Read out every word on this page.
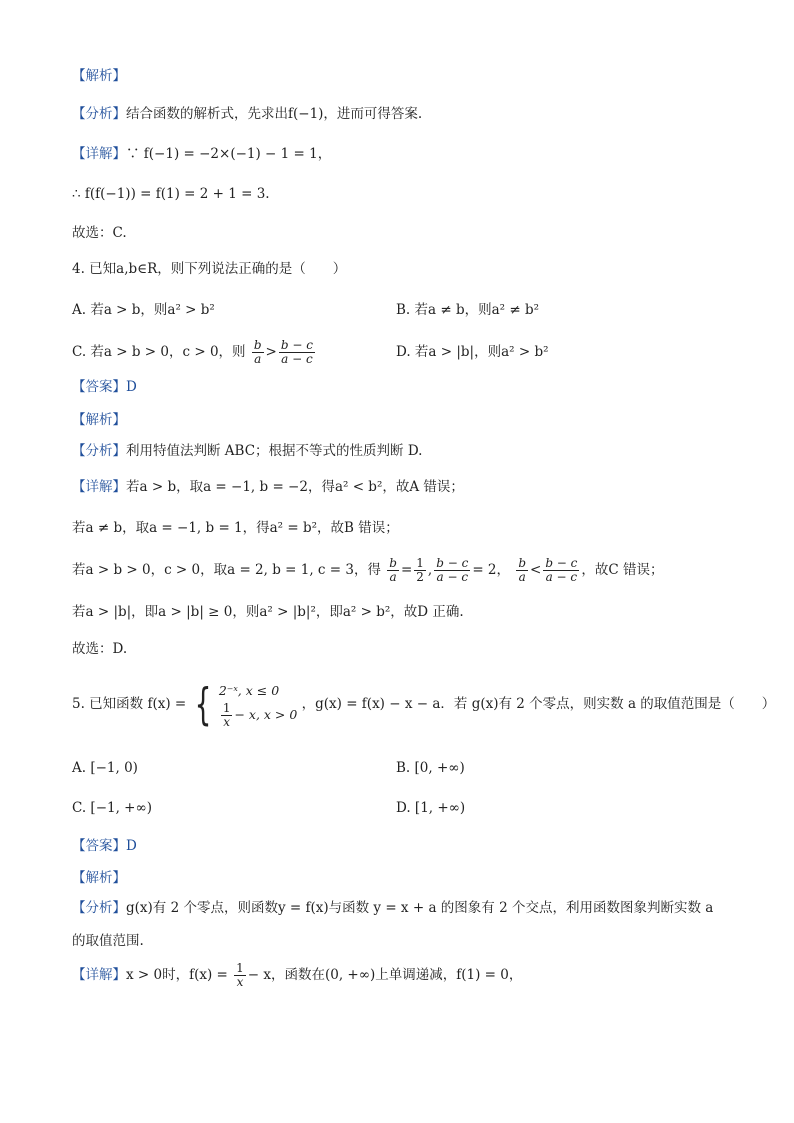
【解析】
【分析】结合函数的解析式，先求出f(−1)，进而可得答案.
【详解】∵ f(−1) = −2×(−1) − 1 = 1，
∴ f(f(−1)) = f(1) = 2 + 1 = 3.
故选：C.
4. 已知a,b∈R，则下列说法正确的是（　　）
A. 若a > b，则a² > b²	B. 若a ≠ b，则a² ≠ b²
C. 若a > b > 0，c > 0，则 $\frac{b}{a} > \frac{b - c}{a - c}$	D. 若a > |b|，则a² > b²
【答案】D
【解析】
【分析】利用特值法判断 ABC；根据不等式的性质判断 D.
【详解】若a > b，取a = −1, b = −2，得a² < b²，故A 错误；
若a ≠ b，取a = −1, b = 1，得a² = b²，故B 错误；
若a > b > 0，c > 0，取a = 2, b = 1, c = 3，得 $\frac{b}{a} = \frac{1}{2}$ , $\frac{b - c}{a - c} = 2$， $\frac{b}{a} < \frac{b - c}{a - c}$ ，故C 错误；
若a > |b|，即a > |b| ≥ 0，则a² > |b|²，即a² > b²，故D 正确.
故选：D.
5. 已知函数 f(x) = { 2⁻ˣ, x ≤ 0
$\frac{1}{x} - x$, x > 0
，g(x) = f(x) − x − a．若 g(x)有 2 个零点，则实数 a 的取值范围是（　　）
A. [−1, 0)	B. [0, +∞)
C. [−1, +∞)	D. [1, +∞)
【答案】D
【解析】
【分析】g(x)有 2 个零点，则函数y = f(x)与函数 y = x + a 的图象有 2 个交点，利用函数图象判断实数 a
的取值范围.
【详解】x > 0时，$f(x) = \frac{1}{x} - x$，函数在(0, +∞)上单调递减，f(1) = 0，
